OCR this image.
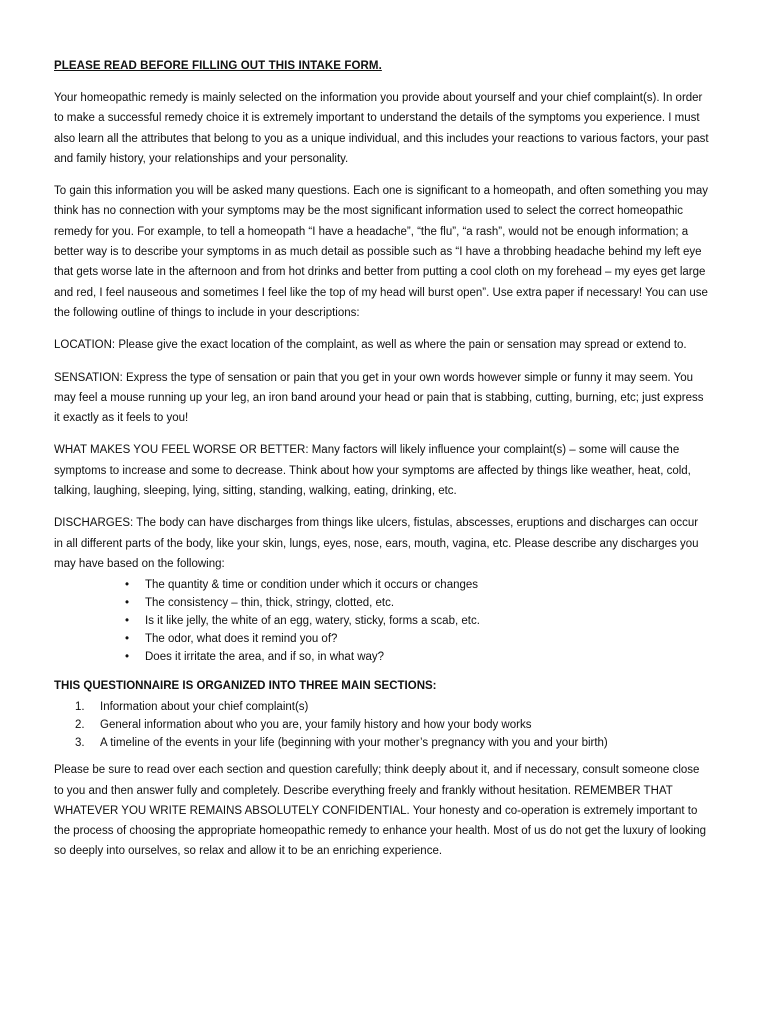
PLEASE READ BEFORE FILLING OUT THIS INTAKE FORM.

Your homeopathic remedy is mainly selected on the information you provide about yourself and your chief complaint(s). In order to make a successful remedy choice it is extremely important to understand the details of the symptoms you experience. I must also learn all the attributes that belong to you as a unique individual, and this includes your reactions to various factors, your past and family history, your relationships and your personality.

To gain this information you will be asked many questions. Each one is significant to a homeopath, and often something you may think has no connection with your symptoms may be the most significant information used to select the correct homeopathic remedy for you. For example, to tell a homeopath “I have a headache”, “the flu”, “a rash”, would not be enough information; a better way is to describe your symptoms in as much detail as possible such as “I have a throbbing headache behind my left eye that gets worse late in the afternoon and from hot drinks and better from putting a cool cloth on my forehead – my eyes get large and red, I feel nauseous and sometimes I feel like the top of my head will burst open”. Use extra paper if necessary! You can use the following outline of things to include in your descriptions:

LOCATION: Please give the exact location of the complaint, as well as where the pain or sensation may spread or extend to.

SENSATION: Express the type of sensation or pain that you get in your own words however simple or funny it may seem. You may feel a mouse running up your leg, an iron band around your head or pain that is stabbing, cutting, burning, etc; just express it exactly as it feels to you!

WHAT MAKES YOU FEEL WORSE OR BETTER: Many factors will likely influence your complaint(s) – some will cause the symptoms to increase and some to decrease. Think about how your symptoms are affected by things like weather, heat, cold, talking, laughing, sleeping, lying, sitting, standing, walking, eating, drinking, etc.

DISCHARGES: The body can have discharges from things like ulcers, fistulas, abscesses, eruptions and discharges can occur in all different parts of the body, like your skin, lungs, eyes, nose, ears, mouth, vagina, etc. Please describe any discharges you may have based on the following:

• The quantity & time or condition under which it occurs or changes
• The consistency – thin, thick, stringy, clotted, etc.
• Is it like jelly, the white of an egg, watery, sticky, forms a scab, etc.
• The odor, what does it remind you of?
• Does it irritate the area, and if so, in what way?
THIS QUESTIONNAIRE IS ORGANIZED INTO THREE MAIN SECTIONS:
1. Information about your chief complaint(s)
2. General information about who you are, your family history and how your body works
3. A timeline of the events in your life (beginning with your mother’s pregnancy with you and your birth)

Please be sure to read over each section and question carefully; think deeply about it, and if necessary, consult someone close to you and then answer fully and completely. Describe everything freely and frankly without hesitation. REMEMBER THAT WHATEVER YOU WRITE REMAINS ABSOLUTELY CONFIDENTIAL. Your honesty and co-operation is extremely important to the process of choosing the appropriate homeopathic remedy to enhance your health. Most of us do not get the luxury of looking so deeply into ourselves, so relax and allow it to be an enriching experience.
